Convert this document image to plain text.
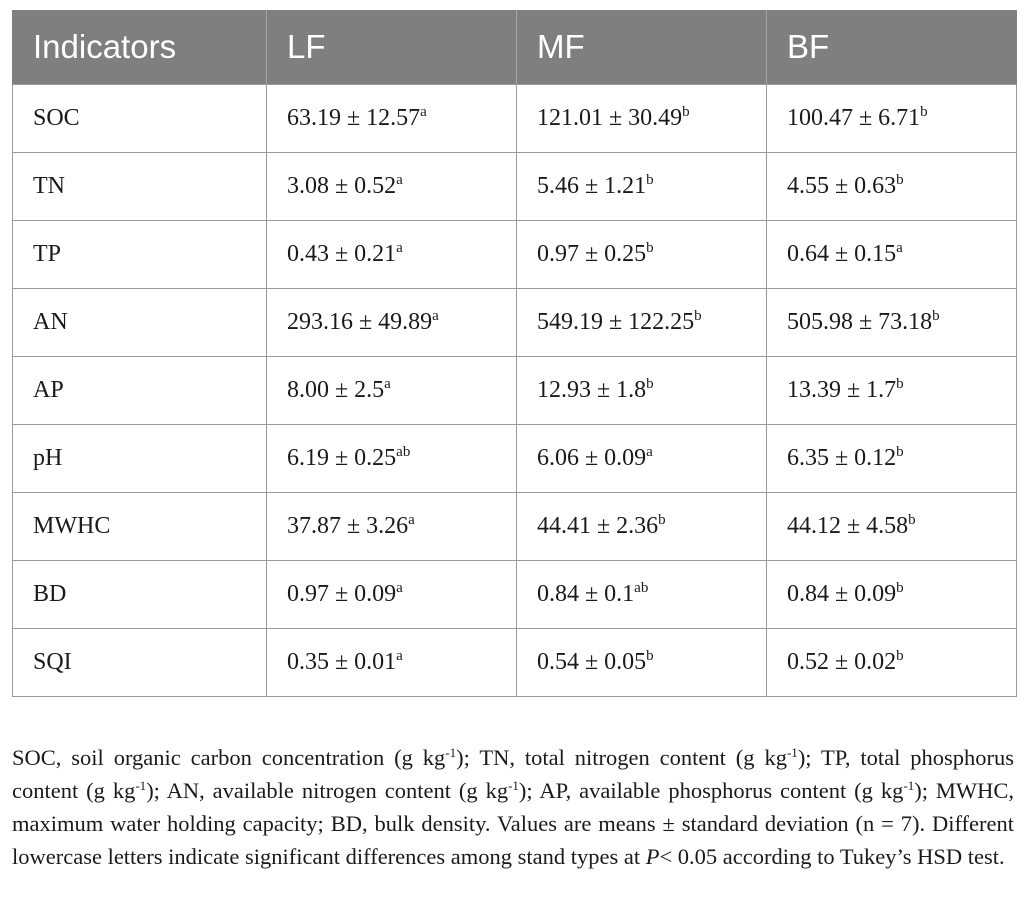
Indicators	LF	MF	BF
SOC	63.19 ± 12.57$^a$	121.01 ± 30.49$^b$	100.47 ± 6.71$^b$
TN	3.08 ± 0.52$^a$	5.46 ± 1.21$^b$	4.55 ± 0.63$^b$
TP	0.43 ± 0.21$^a$	0.97 ± 0.25$^b$	0.64 ± 0.15$^a$
AN	293.16 ± 49.89$^a$	549.19 ± 122.25$^b$	505.98 ± 73.18$^b$
AP	8.00 ± 2.5$^a$	12.93 ± 1.8$^b$	13.39 ± 1.7$^b$
pH	6.19 ± 0.25$^{ab}$	6.06 ± 0.09$^a$	6.35 ± 0.12$^b$
MWHC	37.87 ± 3.26$^a$	44.41 ± 2.36$^b$	44.12 ± 4.58$^b$
BD	0.97 ± 0.09$^a$	0.84 ± 0.1$^{ab}$	0.84 ± 0.09$^b$
SQI	0.35 ± 0.01$^a$	0.54 ± 0.05$^b$	0.52 ± 0.02$^b$

SOC, soil organic carbon concentration (g $kg^{-1}$); TN, total nitrogen content (g $kg^{-1}$); TP, total phosphorus content (g $kg^{-1}$); AN, available nitrogen content (g $kg^{-1}$); AP, available phosphorus content (g $kg^{-1}$); MWHC, maximum water holding capacity; BD, bulk density. Values are means ± standard deviation (n = 7). Different lowercase letters indicate significant differences among stand types at P< 0.05 according to Tukey’s HSD test.
